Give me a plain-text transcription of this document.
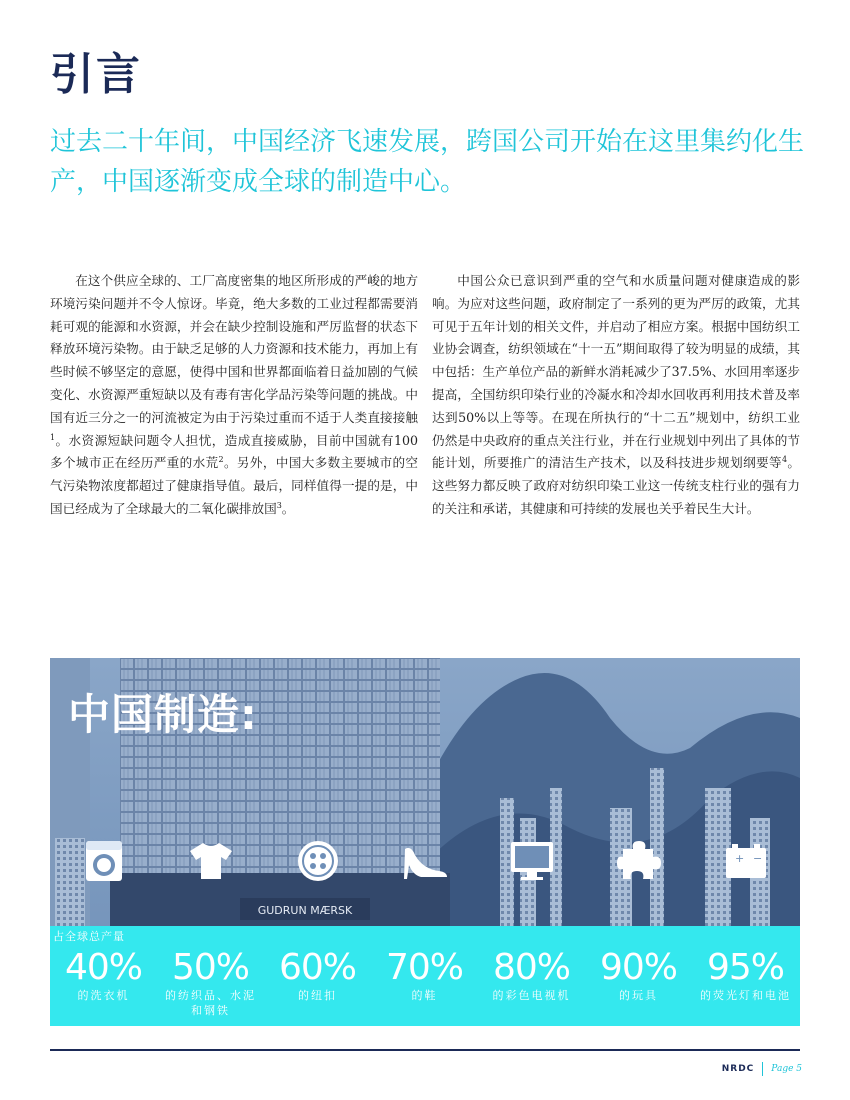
引言

过去二十年间，中国经济飞速发展，跨国公司开始在这里集约化生产，中国逐渐变成全球的制造中心。

在这个供应全球的、工厂高度密集的地区所形成的严峻的地方环境污染问题并不令人惊讶。毕竟，绝大多数的工业过程都需要消耗可观的能源和水资源，并会在缺少控制设施和严厉监督的状态下释放环境污染物。由于缺乏足够的人力资源和技术能力，再加上有些时候不够坚定的意愿，使得中国和世界都面临着日益加剧的气候变化、水资源严重短缺以及有毒有害化学品污染等问题的挑战。中国有近三分之一的河流被定为由于污染过重而不适于人类直接接触$^1$。水资源短缺问题令人担忧，造成直接威胁，目前中国就有100多个城市正在经历严重的水荒$^2$。另外，中国大多数主要城市的空气污染物浓度都超过了健康指导值。最后，同样值得一提的是，中国已经成为了全球最大的二氧化碳排放国$^3$。

中国公众已意识到严重的空气和水质量问题对健康造成的影响。为应对这些问题，政府制定了一系列的更为严厉的政策，尤其可见于五年计划的相关文件，并启动了相应方案。根据中国纺织工业协会调查，纺织领域在“十一五”期间取得了较为明显的成绩，其中包括：生产单位产品的新鲜水消耗减少了37.5%、水回用率逐步提高，全国纺织印染行业的冷凝水和冷却水回收再利用技术普及率达到50%以上等等。在现在所执行的“十二五”规划中，纺织工业仍然是中央政府的重点关注行业，并在行业规划中列出了具体的节能计划，所要推广的清洁生产技术，以及科技进步规划纲要等$^4$。这些努力都反映了政府对纺织印染工业这一传统支柱行业的强有力的关注和承诺，其健康和可持续的发展也关乎着民生大计。

GUDRUN MÆRSK
中国制造:
+ −
占全球总产量
40%
的洗衣机
50%
的纺织品、水泥和钢铁
60%
的纽扣
70%
的鞋
80%
的彩色电视机
90%
的玩具
95%
的荧光灯和电池
NRDC Page 5
